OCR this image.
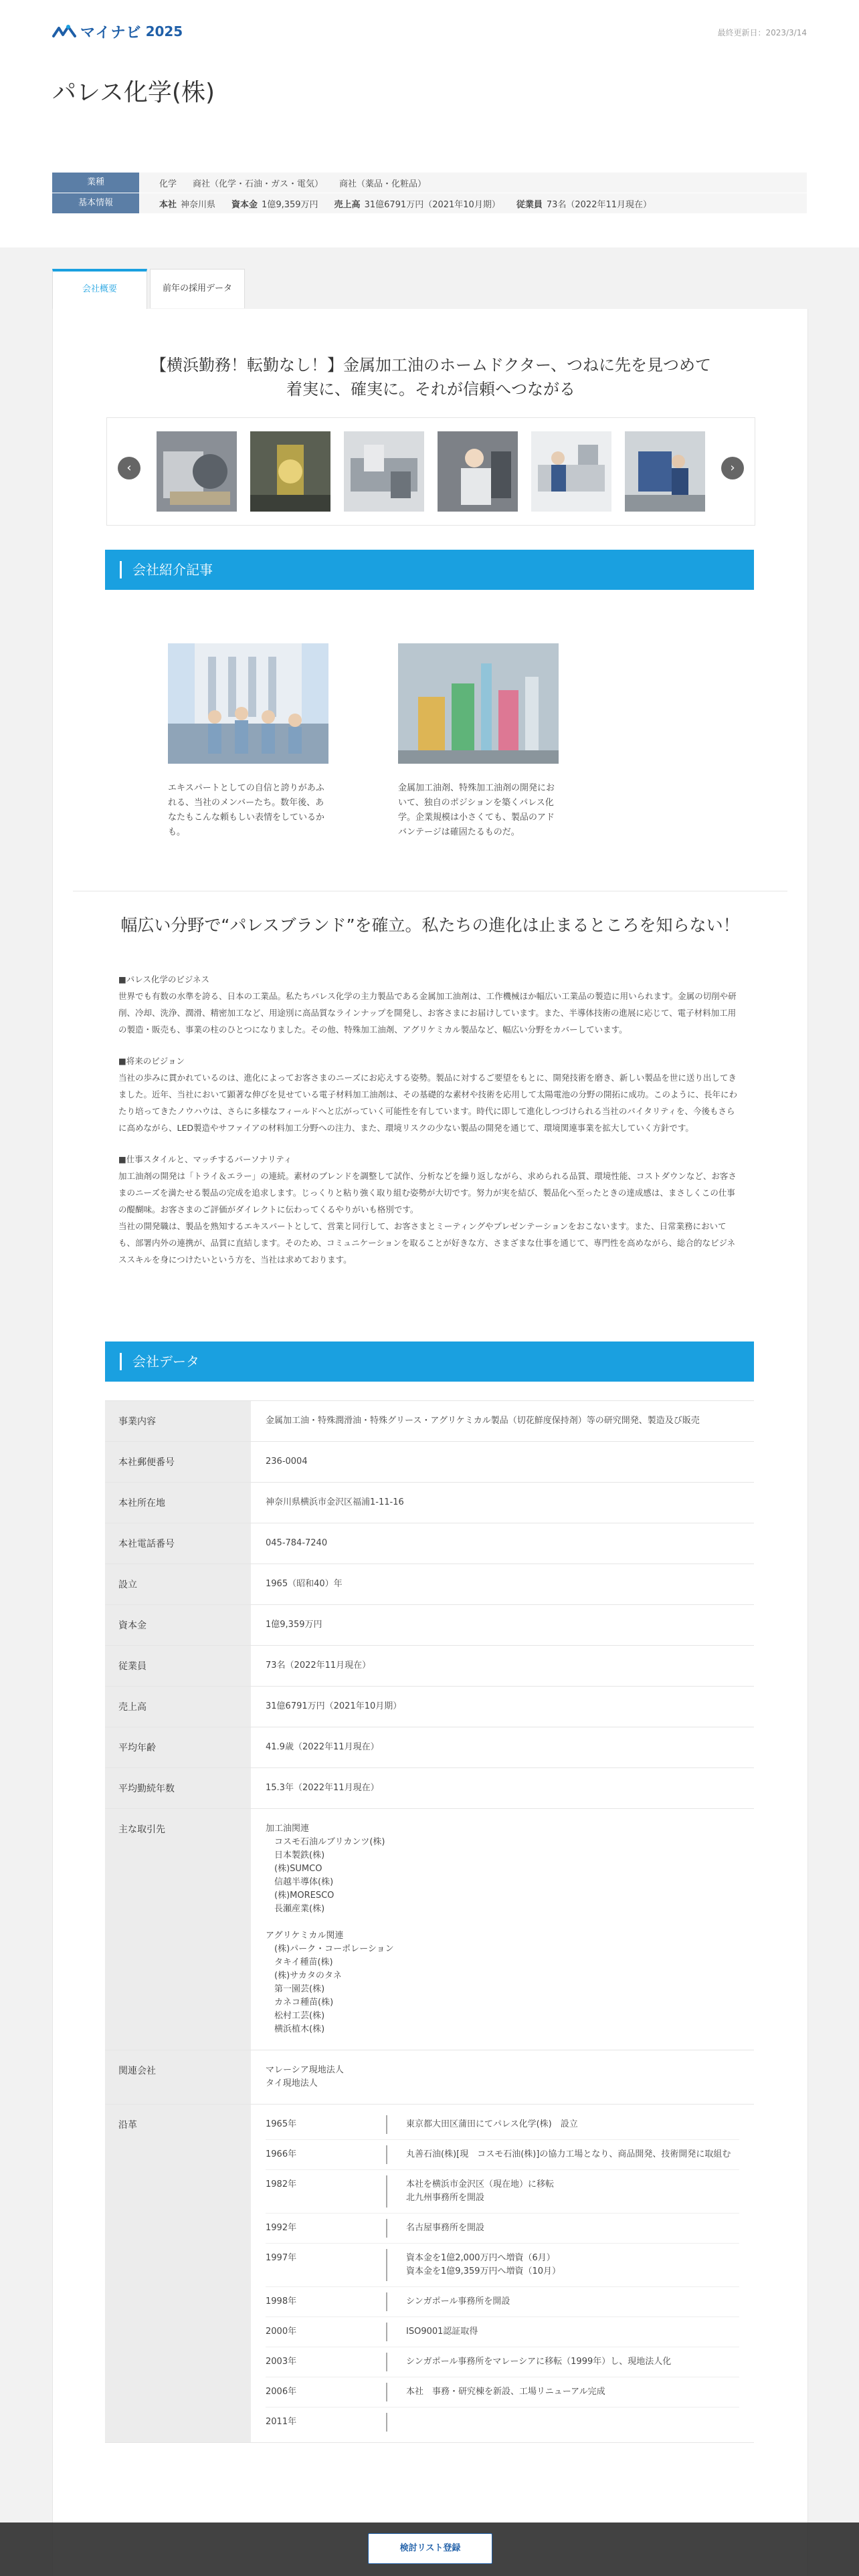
マイナビ 2025	最終更新日：2023/3/14
パレス化学(株)
業種	化学 商社（化学・石油・ガス・電気） 商社（薬品・化粧品）
基本情報	本社 神奈川県 資本金 1億9,359万円 売上高 31億6791万円（2021年10月期） 従業員 73名（2022年11月現在）
会社概要	前年の採用データ
【横浜勤務！転勤なし！】金属加工油のホームドクター、つねに先を見つめて着実に、確実に。それが信頼へつながる
‹	›
会社紹介記事
エキスパートとしての自信と誇りがあふれる、当社のメンバーたち。数年後、あなたもこんな頼もしい表情をしているかも。
金属加工油剤、特殊加工油剤の開発において、独自のポジションを築くパレス化学。企業規模は小さくても、製品のアドバンテージは確固たるものだ。
幅広い分野で“パレスブランド”を確立。私たちの進化は止まるところを知らない！

■パレス化学のビジネス
世界でも有数の水準を誇る、日本の工業品。私たちパレス化学の主力製品である金属加工油剤は、工作機械ほか幅広い工業品の製造に用いられます。金属の切削や研削、冷却、洗浄、潤滑、精密加工など、用途別に高品質なラインナップを開発し、お客さまにお届けしています。また、半導体技術の進展に応じて、電子材料加工用の製造・販売も、事業の柱のひとつになりました。その他、特殊加工油剤、アグリケミカル製品など、幅広い分野をカバーしています。

■将来のビジョン
当社の歩みに貫かれているのは、進化によってお客さまのニーズにお応えする姿勢。製品に対するご要望をもとに、開発技術を磨き、新しい製品を世に送り出してきました。近年、当社において顕著な伸びを見せている電子材料加工油剤は、その基礎的な素材や技術を応用して太陽電池の分野の開拓に成功。このように、長年にわたり培ってきたノウハウは、さらに多様なフィールドへと広がっていく可能性を有しています。時代に即して進化しつづけられる当社のバイタリティを、今後もさらに高めながら、LED製造やサファイアの材料加工分野への注力、また、環境リスクの少ない製品の開発を通じて、環境関連事業を拡大していく方針です。

■仕事スタイルと、マッチするパーソナリティ
加工油剤の開発は「トライ＆エラー」の連続。素材のブレンドを調整して試作、分析などを繰り返しながら、求められる品質、環境性能、コストダウンなど、お客さまのニーズを満たせる製品の完成を追求します。じっくりと粘り強く取り組む姿勢が大切です。努力が実を結び、製品化へ至ったときの達成感は、まさしくこの仕事の醍醐味。お客さまのご評価がダイレクトに伝わってくるやりがいも格別です。
当社の開発職は、製品を熟知するエキスパートとして、営業と同行して、お客さまとミーティングやプレゼンテーションをおこないます。また、日常業務においても、部署内外の連携が、品質に直結します。そのため、コミュニケーションを取ることが好きな方、さまざまな仕事を通じて、専門性を高めながら、総合的なビジネススキルを身につけたいという方を、当社は求めております。

会社データ
事業内容	金属加工油・特殊潤滑油・特殊グリース・アグリケミカル製品（切花鮮度保持剤）等の研究開発、製造及び販売
本社郵便番号	236-0004
本社所在地	神奈川県横浜市金沢区福浦1-11-16
本社電話番号	045-784-7240
設立	1965（昭和40）年
資本金	1億9,359万円
従業員	73名（2022年11月現在）
売上高	31億6791万円（2021年10月期）
平均年齢	41.9歳（2022年11月現在）
平均勤続年数	15.3年（2022年11月現在）
主な取引先	加工油関連
　コスモ石油ルブリカンツ(株)
　日本製鉄(株)
　(株)SUMCO
　信越半導体(株)
　(株)MORESCO
　長瀬産業(株)

アグリケミカル関連
　(株)パーク・コーポレーション
　タキイ種苗(株)
　(株)サカタのタネ
　第一園芸(株)
　カネコ種苗(株)
　松村工芸(株)
　横浜植木(株)
関連会社	マレーシア現地法人
タイ現地法人
沿革	1965年	東京都大田区蒲田にてパレス化学(株)　設立
1966年	丸善石油(株)[現　コスモ石油(株)]の協力工場となり、商品開発、技術開発に取組む
1982年	本社を横浜市金沢区（現在地）に移転
北九州事務所を開設
1992年	名古屋事務所を開設
1997年	資本金を1億2,000万円へ増資（6月）
資本金を1億9,359万円へ増資（10月）
1998年	シンガポール事務所を開設
2000年	ISO9001認証取得
2003年	シンガポール事務所をマレーシアに移転（1999年）し、現地法人化
2006年	本社　事務・研究棟を新設、工場リニューアル完成

2011年
検討リスト登録
